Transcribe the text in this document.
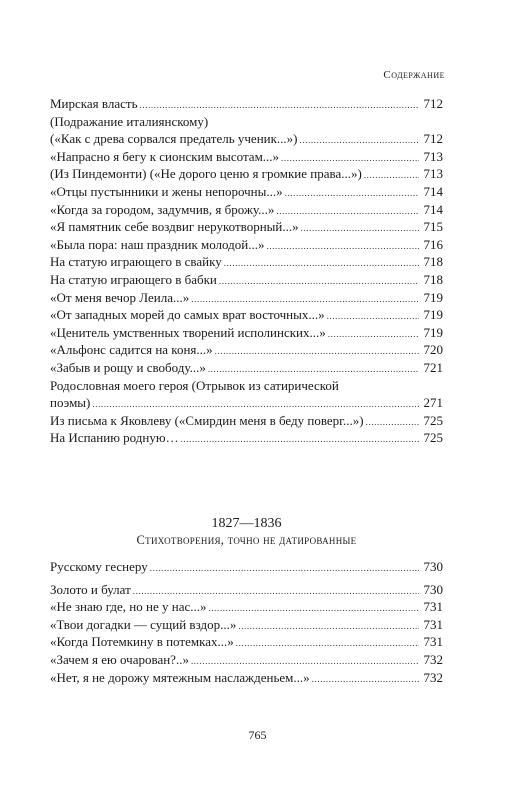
Содержание
Мирская власть .....	712
(Подражание италиянскому)
(«Как с древа сорвался предатель ученик...») .....	712
«Напрасно я бегу к сионским высотам...» .....	713
(Из Пиндемонти) («Не дорого ценю я громкие права...») .....	713
«Отцы пустынники и жены непорочны...» .....	714
«Когда за городом, задумчив, я брожу...» .....	714
«Я памятник себе воздвиг нерукотворный...» .....	715
«Была пора: наш праздник молодой...» .....	716
На статую играющего в свайку .....	718
На статую играющего в бабки .....	718
«От меня вечор Леила...» .....	719
«От западных морей до самых врат восточных...» .....	719
«Ценитель умственных творений исполинских...» .....	719
«Альфонс садится на коня...» .....	720
«Забыв и рощу и свободу...» .....	721
Родословная моего героя (Отрывок из сатирической
поэмы) .....	271
Из письма к Яковлеву («Смирдин меня в беду поверг...») .....	725
На Испанию родную… .....	725
1827—1836
Стихотворения, точно не датированные
Русскому геснеру .....	730
Золото и булат .....	730
«Не знаю где, но не у нас...» .....	731
«Твои догадки — сущий вздор...» .....	731
«Когда Потемкину в потемках...» .....	731
«Зачем я ею очарован?..» .....	732
«Нет, я не дорожу мятежным наслажденьем...» .....	732
765
